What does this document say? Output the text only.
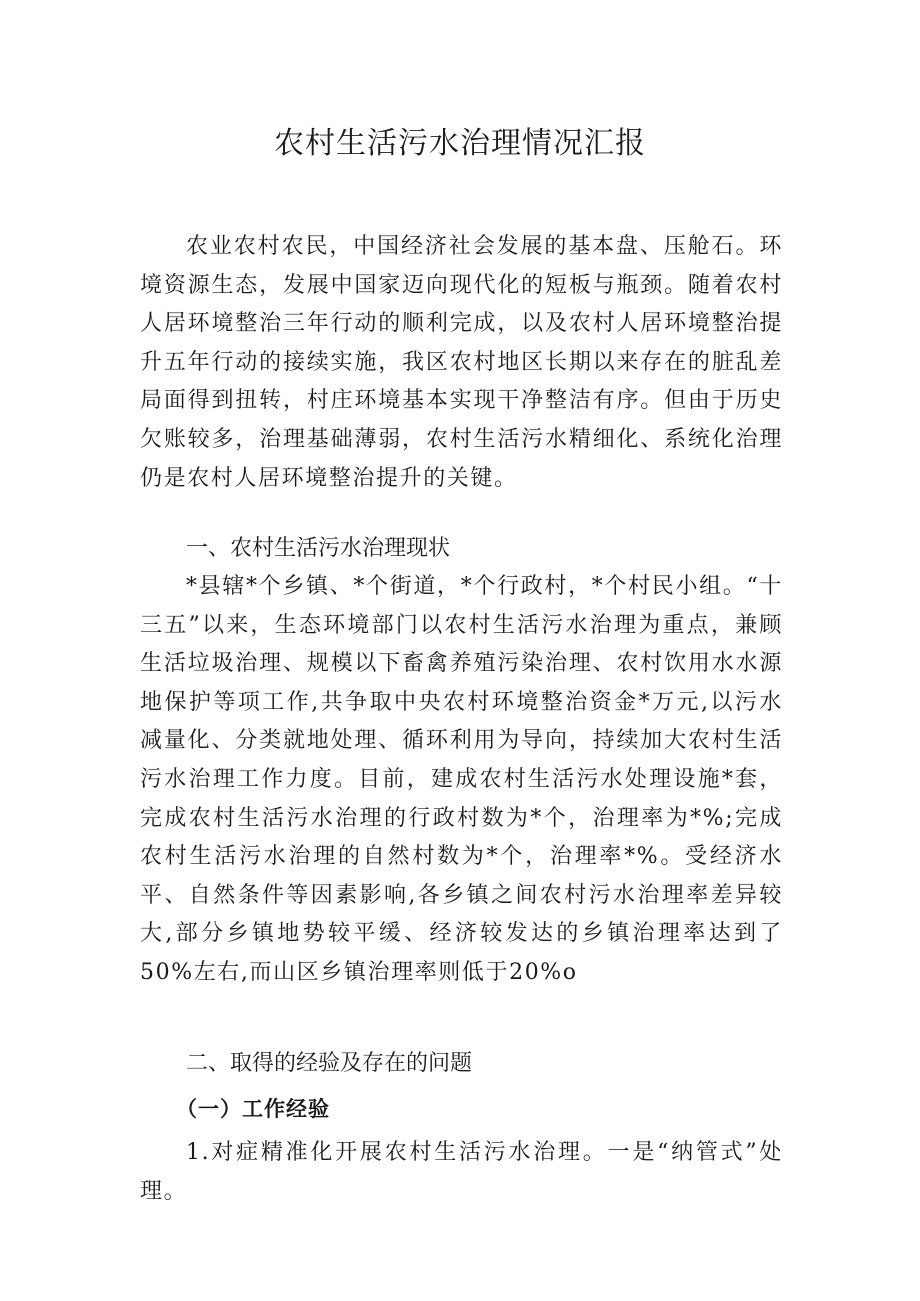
农村生活污水治理情况汇报

农业农村农民，中国经济社会发展的基本盘、压舱石。环境资源生态，发展中国家迈向现代化的短板与瓶颈。随着农村人居环境整治三年行动的顺利完成，以及农村人居环境整治提升五年行动的接续实施，我区农村地区长期以来存在的脏乱差局面得到扭转，村庄环境基本实现干净整洁有序。但由于历史欠账较多，治理基础薄弱，农村生活污水精细化、系统化治理仍是农村人居环境整治提升的关键。

一、农村生活污水治理现状

*县辖*个乡镇、*个街道，*个行政村，*个村民小组。“十三五”以来，生态环境部门以农村生活污水治理为重点，兼顾生活垃圾治理、规模以下畜禽养殖污染治理、农村饮用水水源地保护等项工作,共争取中央农村环境整治资金*万元,以污水减量化、分类就地处理、循环利用为导向，持续加大农村生活污水治理工作力度。目前，建成农村生活污水处理设施*套，完成农村生活污水治理的行政村数为*个，治理率为*%;完成农村生活污水治理的自然村数为*个，治理率*%。受经济水平、自然条件等因素影响,各乡镇之间农村污水治理率差异较大,部分乡镇地势较平缓、经济较发达的乡镇治理率达到了50%左右,而山区乡镇治理率则低于20%o

二、取得的经验及存在的问题
（一）工作经验

1.对症精准化开展农村生活污水治理。一是“纳管式”处理。
